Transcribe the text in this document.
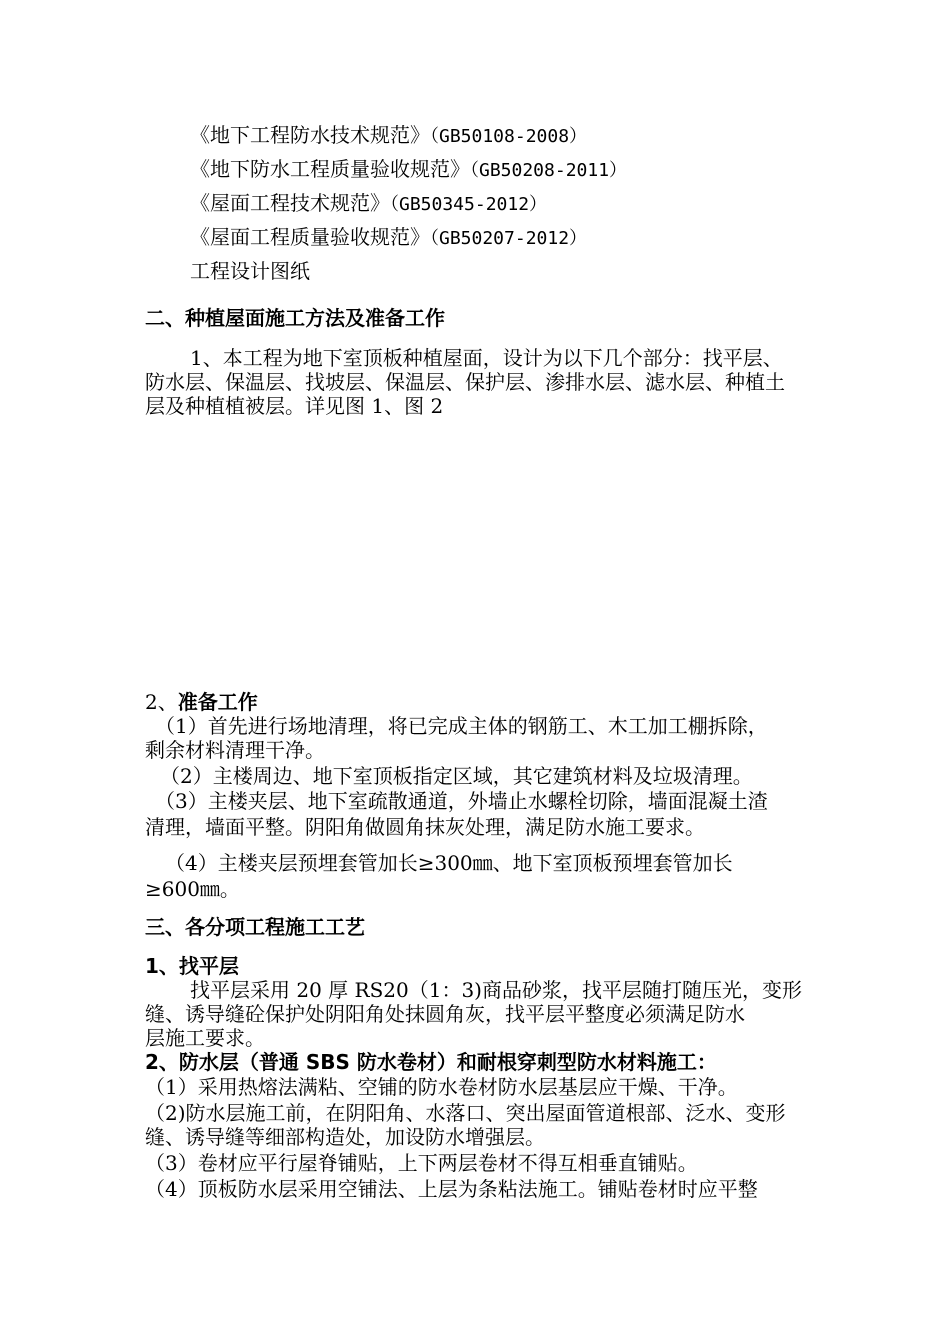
《地下工程防水技术规范》（GB50108-2008）
《地下防水工程质量验收规范》（GB50208-2011）
《屋面工程技术规范》（GB50345-2012）
《屋面工程质量验收规范》（GB50207-2012）
工程设计图纸
二、种植屋面施工方法及准备工作
1、本工程为地下室顶板种植屋面，设计为以下几个部分：找平层、
防水层、保温层、找坡层、保温层、保护层、渗排水层、滤水层、种植土
层及种植植被层。详见图 1、图 2
2、准备工作
（1）首先进行场地清理，将已完成主体的钢筋工、木工加工棚拆除，
剩余材料清理干净。
（2）主楼周边、地下室顶板指定区域，其它建筑材料及垃圾清理。
（3）主楼夹层、地下室疏散通道，外墙止水螺栓切除，墙面混凝土渣
清理，墙面平整。阴阳角做圆角抹灰处理，满足防水施工要求。
（4）主楼夹层预埋套管加长≥300㎜、地下室顶板预埋套管加长
≥600㎜。
三、各分项工程施工工艺
1、找平层
找平层采用 20 厚 RS20（1：3)商品砂浆，找平层随打随压光，变形
缝、诱导缝砼保护处阴阳角处抹圆角灰，找平层平整度必须满足防水
层施工要求。
2、防水层（普通 SBS 防水卷材）和耐根穿刺型防水材料施工：
（1）采用热熔法满粘、空铺的防水卷材防水层基层应干燥、干净。
（2)防水层施工前，在阴阳角、水落口、突出屋面管道根部、泛水、变形
缝、诱导缝等细部构造处，加设防水增强层。
（3）卷材应平行屋脊铺贴，上下两层卷材不得互相垂直铺贴。
（4）顶板防水层采用空铺法、上层为条粘法施工。铺贴卷材时应平整
